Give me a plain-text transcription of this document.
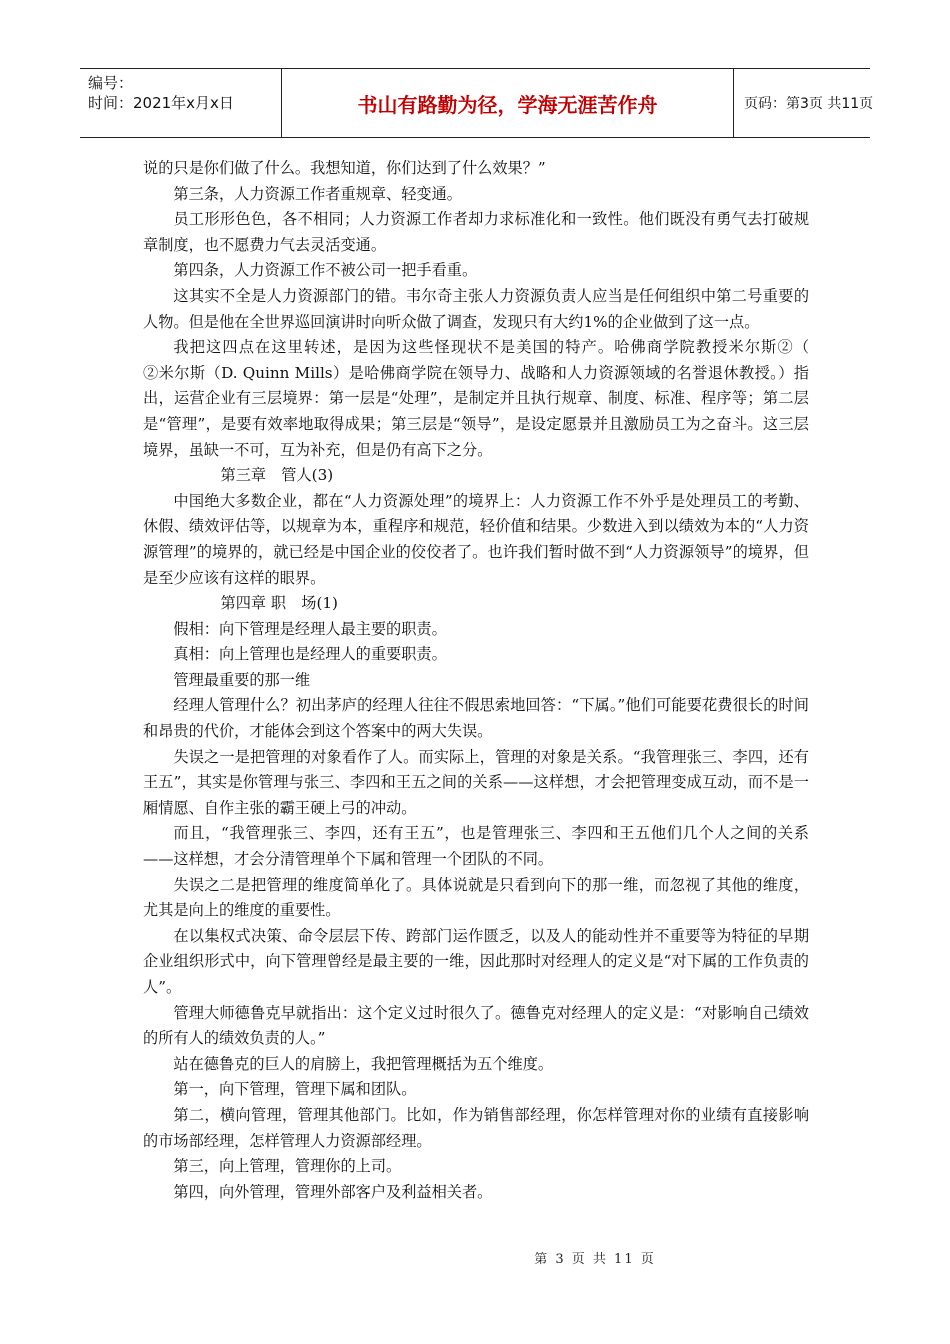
编号：
时间：2021年x月x日	书山有路勤为径，学海无涯苦作舟	页码：第3页 共11页

说的只是你们做了什么。我想知道，你们达到了什么效果？”

第三条，人力资源工作者重规章、轻变通。

员工形形色色，各不相同；人力资源工作者却力求标准化和一致性。他们既没有勇气去打破规章制度，也不愿费力气去灵活变通。

第四条，人力资源工作不被公司一把手看重。

这其实不全是人力资源部门的错。韦尔奇主张人力资源负责人应当是任何组织中第二号重要的人物。但是他在全世界巡回演讲时向听众做了调查，发现只有大约1%的企业做到了这一点。

我把这四点在这里转述，是因为这些怪现状不是美国的特产。哈佛商学院教授米尔斯②（　　②米尔斯（D. Quinn Mills）是哈佛商学院在领导力、战略和人力资源领域的名誉退休教授。）指出，运营企业有三层境界：第一层是“处理”，是制定并且执行规章、制度、标准、程序等；第二层是“管理”，是要有效率地取得成果；第三层是“领导”，是设定愿景并且激励员工为之奋斗。这三层境界，虽缺一不可，互为补充，但是仍有高下之分。

第三章　管人(3)

中国绝大多数企业，都在“人力资源处理”的境界上：人力资源工作不外乎是处理员工的考勤、休假、绩效评估等，以规章为本，重程序和规范，轻价值和结果。少数进入到以绩效为本的“人力资源管理”的境界的，就已经是中国企业的佼佼者了。也许我们暂时做不到“人力资源领导”的境界，但是至少应该有这样的眼界。

第四章 职　场(1)

假相：向下管理是经理人最主要的职责。

真相：向上管理也是经理人的重要职责。

管理最重要的那一维

经理人管理什么？初出茅庐的经理人往往不假思索地回答：“下属。”他们可能要花费很长的时间和昂贵的代价，才能体会到这个答案中的两大失误。

失误之一是把管理的对象看作了人。而实际上，管理的对象是关系。“我管理张三、李四，还有王五”，其实是你管理与张三、李四和王五之间的关系——这样想，才会把管理变成互动，而不是一厢情愿、自作主张的霸王硬上弓的冲动。

而且，“我管理张三、李四，还有王五”，也是管理张三、李四和王五他们几个人之间的关系——这样想，才会分清管理单个下属和管理一个团队的不同。

失误之二是把管理的维度简单化了。具体说就是只看到向下的那一维，而忽视了其他的维度，尤其是向上的维度的重要性。

在以集权式决策、命令层层下传、跨部门运作匮乏，以及人的能动性并不重要等为特征的早期企业组织形式中，向下管理曾经是最主要的一维，因此那时对经理人的定义是“对下属的工作负责的人”。

管理大师德鲁克早就指出：这个定义过时很久了。德鲁克对经理人的定义是：“对影响自己绩效的所有人的绩效负责的人。”

站在德鲁克的巨人的肩膀上，我把管理概括为五个维度。

第一，向下管理，管理下属和团队。

第二，横向管理，管理其他部门。比如，作为销售部经理，你怎样管理对你的业绩有直接影响的市场部经理，怎样管理人力资源部经理。

第三，向上管理，管理你的上司。

第四，向外管理，管理外部客户及利益相关者。

第 3 页 共 11 页
